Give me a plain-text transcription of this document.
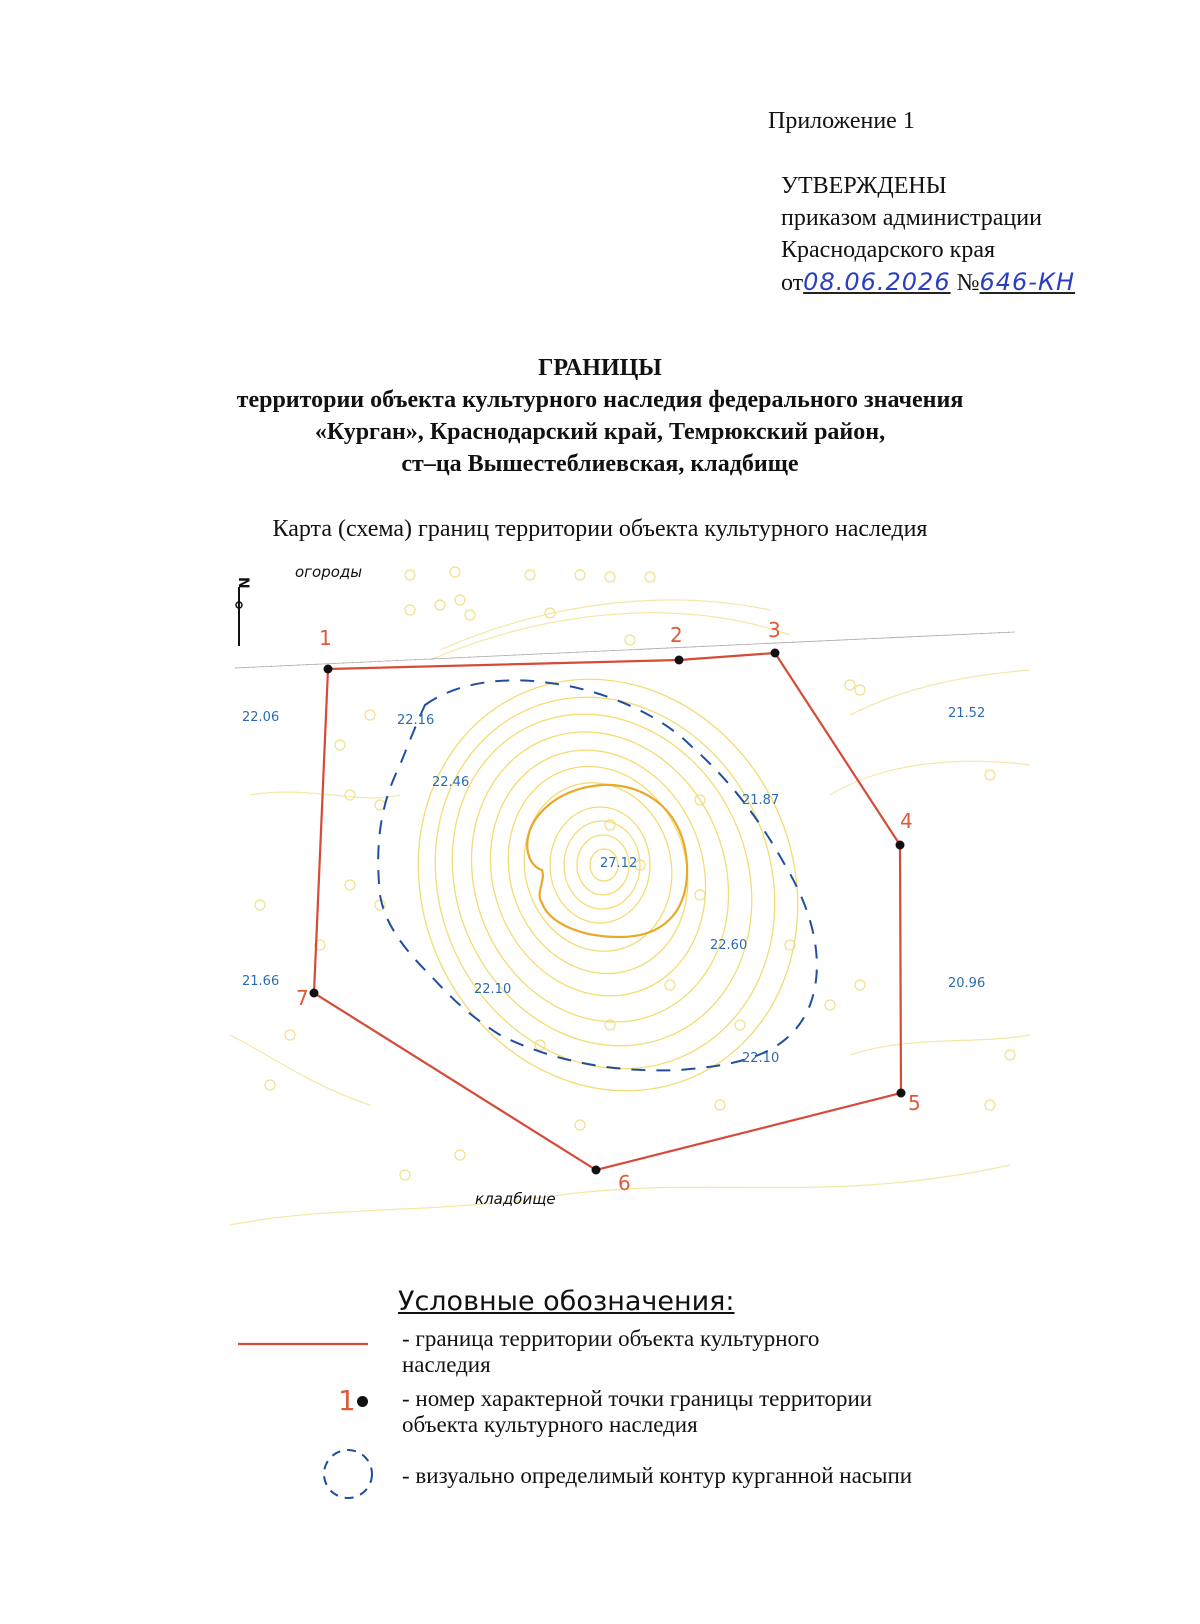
Приложение 1
УТВЕРЖДЕНЫ
приказом администрации
Краснодарского края
от08.06.2026 №646-КН
ГРАНИЦЫ
территории объекта культурного наследия федерального значения
«Курган», Краснодарский край, Темрюкский район,
ст–ца Вышестеблиевская, кладбище
Карта (схема) границ территории объекта культурного наследия
N
огороды
кладбище
1	2	3
4
5
6
7
22.06	22.16
22.46
21.87
21.52
27.12
22.60
21.66
22.10	20.96
22.10
Условные обозначения:
- граница территории объекта культурного
наследия
1 - номер характерной точки границы территории
объекта культурного наследия
- визуально определимый контур курганной насыпи
